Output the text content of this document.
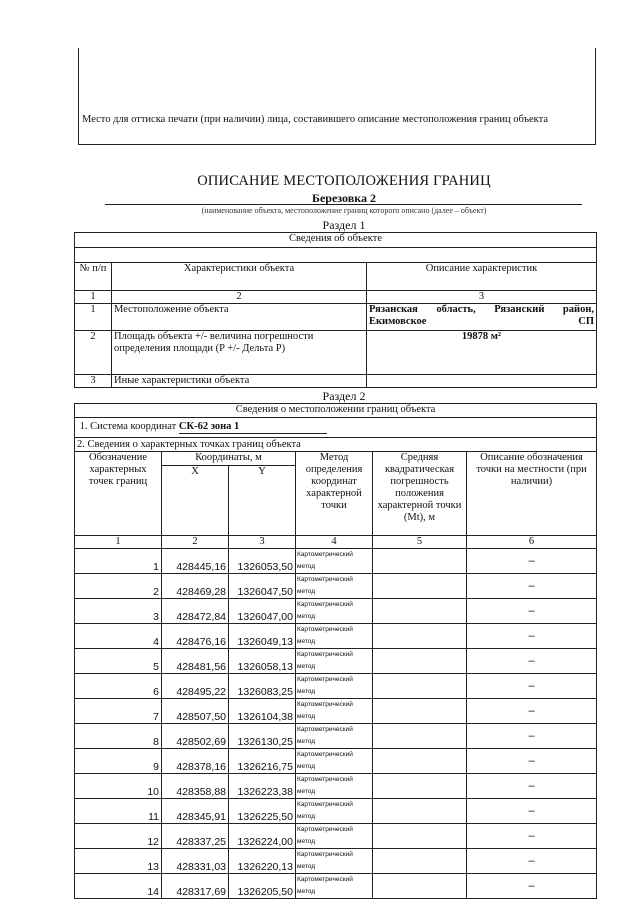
Место для оттиска печати (при наличии) лица, составившего описание местоположения границ объекта
ОПИСАНИЕ МЕСТОПОЛОЖЕНИЯ ГРАНИЦ
Березовка 2
(наименование объекта, местоположение границ которого описано (далее – объект)
Раздел 1
Сведения об объекте		

№ п/п	Характеристики объекта	Описание характеристик
1	2	3
1	Местоположение объекта	Рязанская область, Рязанский район, Екимовское СП
2	Площадь объекта +/- величина погрешности определения площади (P +/- Дельта P)	19878 м²
3	Иные характеристики объекта	
Раздел 2
Сведения о местоположении границ объекта					
1. Система координат СК-62 зона 1					
2. Сведения о характерных точках границ объекта					
Обозначение характерных точек границ	Координаты, м		Метод определения координат характерной точки	Средняя квадратическая погрешность положения характерной точки (Mt), м	Описание обозначения точки на местности (при наличии)
	X	Y			
1	2	3	4	5	6
1	428445,16	1326053,50	Картометрический метод		–
2	428469,28	1326047,50	Картометрический метод		–
3	428472,84	1326047,00	Картометрический метод		–
4	428476,16	1326049,13	Картометрический метод		–
5	428481,56	1326058,13	Картометрический метод		–
6	428495,22	1326083,25	Картометрический метод		–
7	428507,50	1326104,38	Картометрический метод		–
8	428502,69	1326130,25	Картометрический метод		–
9	428378,16	1326216,75	Картометрический метод		–
10	428358,88	1326223,38	Картометрический метод		–
11	428345,91	1326225,50	Картометрический метод		–
12	428337,25	1326224,00	Картометрический метод		–
13	428331,03	1326220,13	Картометрический метод		–
14	428317,69	1326205,50	Картометрический метод		–
